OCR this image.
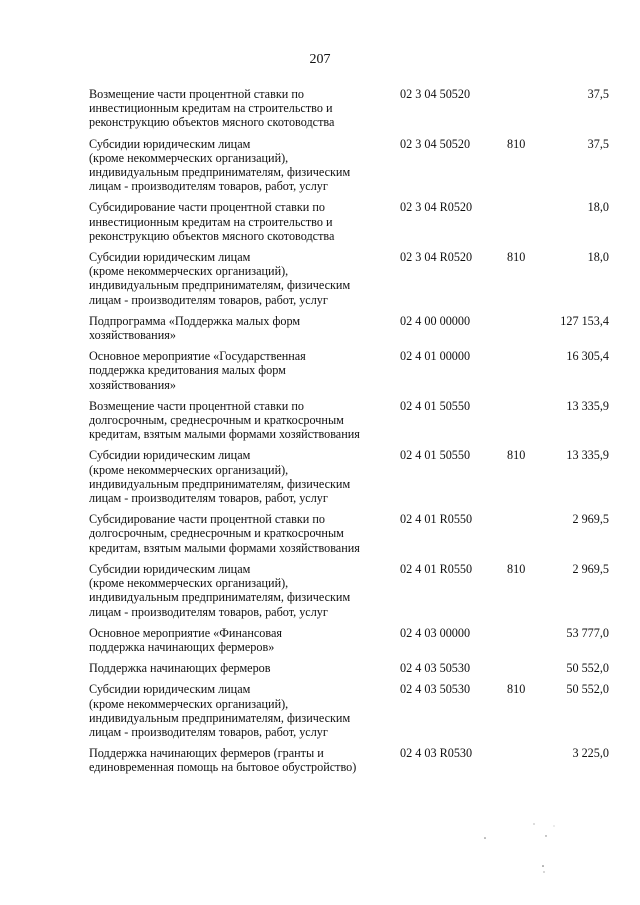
207
Возмещение части процентной ставки по
инвестиционным кредитам на строительство и
реконструкцию объектов мясного скотоводства
02 3 04 50520	37,5
Субсидии юридическим лицам
(кроме некоммерческих организаций),
индивидуальным предпринимателям, физическим
лицам - производителям товаров, работ, услуг
02 3 04 50520	810	37,5
Субсидирование части процентной ставки по
инвестиционным кредитам на строительство и
реконструкцию объектов мясного скотоводства
02 3 04 R0520	18,0
Субсидии юридическим лицам
(кроме некоммерческих организаций),
индивидуальным предпринимателям, физическим
лицам - производителям товаров, работ, услуг
02 3 04 R0520	810	18,0
Подпрограмма «Поддержка малых форм
хозяйствования»
02 4 00 00000	127 153,4
Основное мероприятие «Государственная
поддержка кредитования малых форм
хозяйствования»
02 4 01 00000	16 305,4
Возмещение части процентной ставки по
долгосрочным, среднесрочным и краткосрочным
кредитам, взятым малыми формами хозяйствования
02 4 01 50550	13 335,9
Субсидии юридическим лицам
(кроме некоммерческих организаций),
индивидуальным предпринимателям, физическим
лицам - производителям товаров, работ, услуг
02 4 01 50550	810	13 335,9
Субсидирование части процентной ставки по
долгосрочным, среднесрочным и краткосрочным
кредитам, взятым малыми формами хозяйствования
02 4 01 R0550	2 969,5
Субсидии юридическим лицам
(кроме некоммерческих организаций),
индивидуальным предпринимателям, физическим
лицам - производителям товаров, работ, услуг
02 4 01 R0550	810	2 969,5
Основное мероприятие «Финансовая
поддержка начинающих фермеров»
02 4 03 00000	53 777,0
Поддержка начинающих фермеров	02 4 03 50530	50 552,0
Субсидии юридическим лицам
(кроме некоммерческих организаций),
индивидуальным предпринимателям, физическим
лицам - производителям товаров, работ, услуг
02 4 03 50530	810	50 552,0
Поддержка начинающих фермеров (гранты и
единовременная помощь на бытовое обустройство)
02 4 03 R0530	3 225,0
